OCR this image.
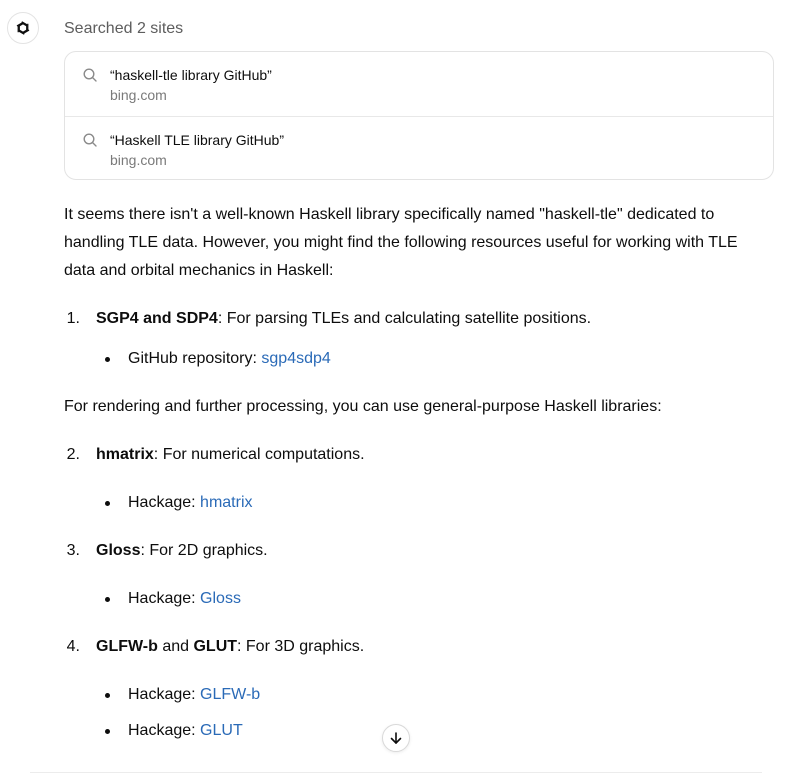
Searched 2 sites
“haskell-tle library GitHub”
bing.com
“Haskell TLE library GitHub”
bing.com
It seems there isn't a well-known Haskell library specifically named "haskell-tle" dedicated to
handling TLE data. However, you might find the following resources useful for working with TLE
data and orbital mechanics in Haskell:
1. SGP4 and SDP4: For parsing TLEs and calculating satellite positions.
GitHub repository: sgp4sdp4
For rendering and further processing, you can use general-purpose Haskell libraries:
2. hmatrix: For numerical computations.
Hackage: hmatrix
3. Gloss: For 2D graphics.
Hackage: Gloss
4. GLFW-b and GLUT: For 3D graphics.
Hackage: GLFW-b
Hackage: GLUT
